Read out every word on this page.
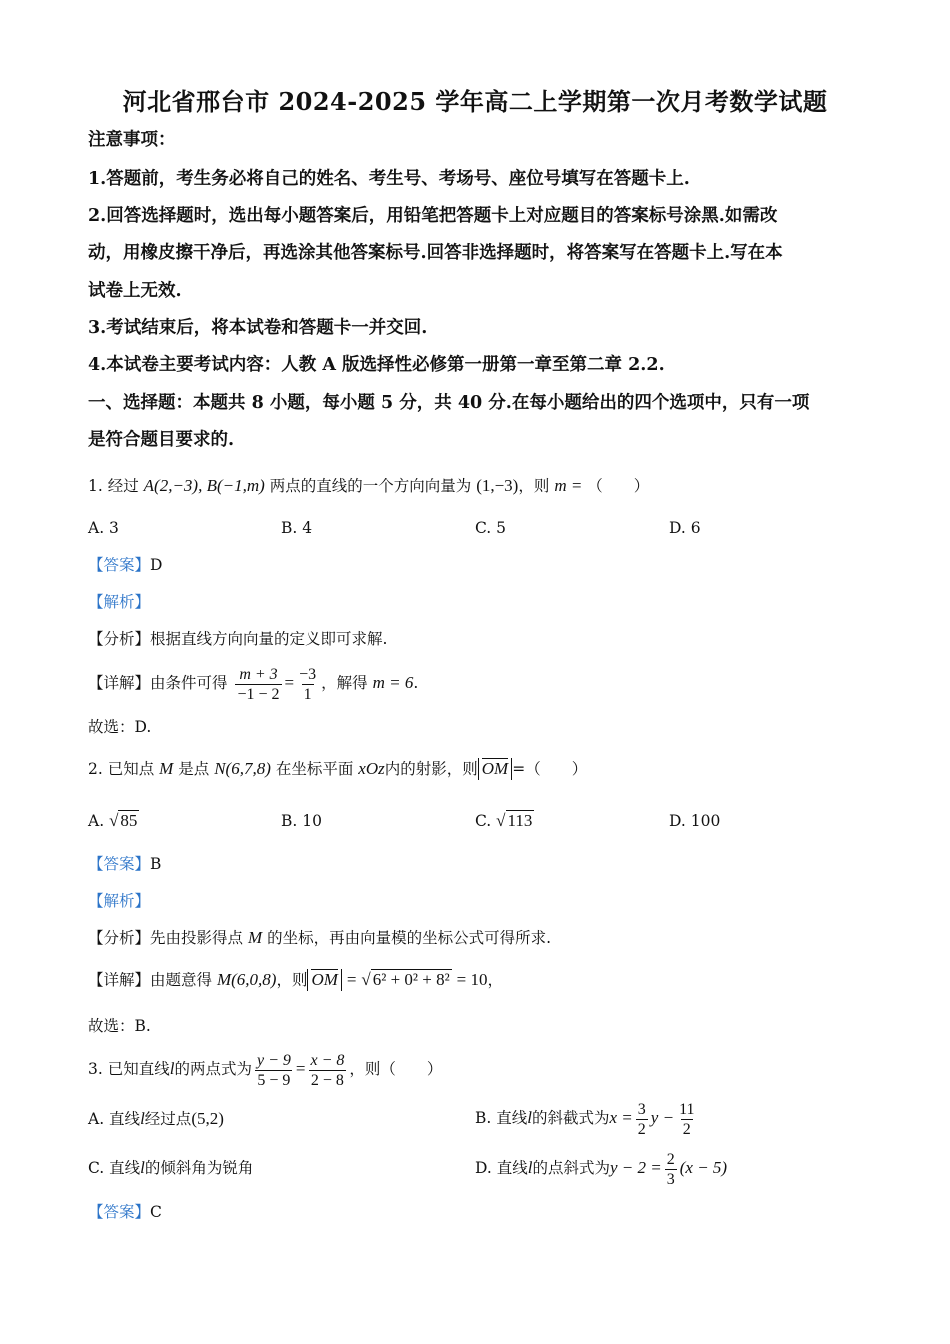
河北省邢台市 2024-2025 学年高二上学期第一次月考数学试题
注意事项：
1.答题前，考生务必将自己的姓名、考生号、考场号、座位号填写在答题卡上.
2.回答选择题时，选出每小题答案后，用铅笔把答题卡上对应题目的答案标号涂黑.如需改
动，用橡皮擦干净后，再选涂其他答案标号.回答非选择题时，将答案写在答题卡上.写在本
试卷上无效.
3.考试结束后，将本试卷和答题卡一并交回.
4.本试卷主要考试内容：人教 A 版选择性必修第一册第一章至第二章 2.2.
一、选择题：本题共 8 小题，每小题 5 分，共 40 分.在每小题给出的四个选项中，只有一项
是符合题目要求的.
1. 经过 A(2,−3), B(−1,m) 两点的直线的一个方向向量为 (1,−3)，则 m = （　　）
A. 3	B. 4	C. 5	D. 6
【答案】D
【解析】
【分析】根据直线方向向量的定义即可求解.
【详解】由条件可得 $\frac{m + 3}{-1 - 2} = \frac{-3}{1}$ ，解得 m = 6.
故选：D.
2. 已知点 M 是点 N(6,7,8) 在坐标平面 xOz内的射影，则 OM =（　　）
A. √ 85	B. 10	C. √ 113	D. 100
【答案】B
【解析】
【分析】先由投影得点 M 的坐标，再由向量模的坐标公式可得所求.
【详解】由题意得 M(6,0,8)，则 OM = √ 6² + 0² + 8² = 10，
故选：B.
3. 已知直线l的两点式为 $\frac{y - 9}{5 - 9} = \frac{x - 8}{2 - 8}$ ，则（　　）
A. 直线l经过点(5,2)	B. 直线l的斜截式为$x = \frac{3}{2}$ $y - \frac{11}{2}$
C. 直线l的倾斜角为锐角	D. 直线l的点斜式为$y - 2 = \frac{2}{3} (x - 5)$
【答案】C
